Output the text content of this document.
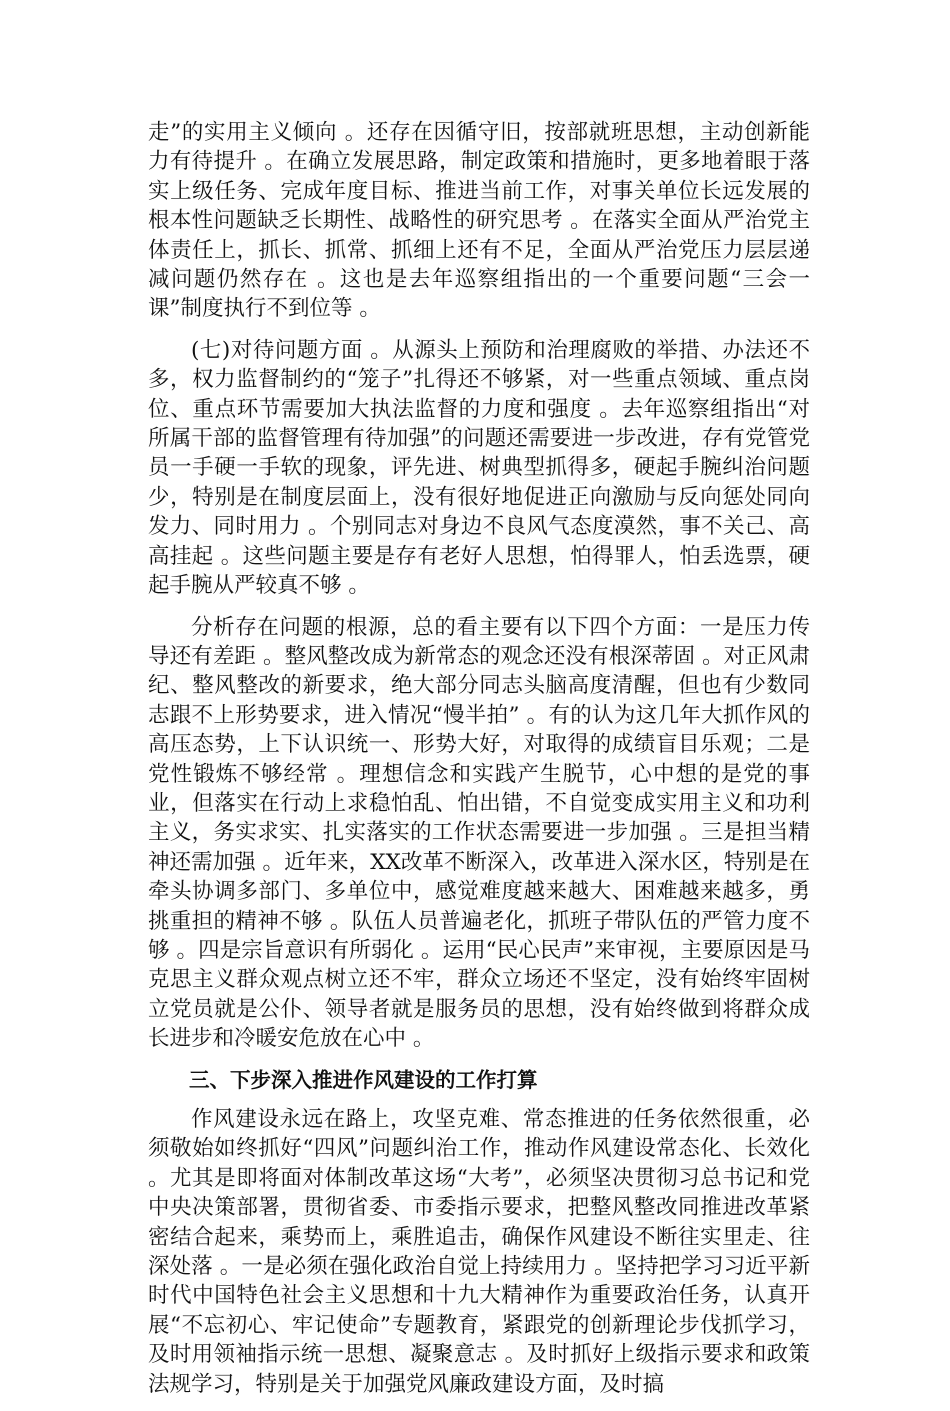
走”的实用主义倾向 。还存在因循守旧，按部就班思想，主动创新能力有待提升 。在确立发展思路，制定政策和措施时，更多地着眼于落实上级任务、完成年度目标、推进当前工作，对事关单位长远发展的根本性问题缺乏长期性、战略性的研究思考 。在落实全面从严治党主体责任上，抓长、抓常、抓细上还有不足，全面从严治党压力层层递减问题仍然存在 。这也是去年巡察组指出的一个重要问题“三会一课”制度执行不到位等 。

(七)对待问题方面 。从源头上预防和治理腐败的举措、办法还不多，权力监督制约的“笼子”扎得还不够紧，对一些重点领域、重点岗位、重点环节需要加大执法监督的力度和强度 。去年巡察组指出“对所属干部的监督管理有待加强”的问题还需要进一步改进，存有党管党员一手硬一手软的现象，评先进、树典型抓得多，硬起手腕纠治问题少，特别是在制度层面上，没有很好地促进正向激励与反向惩处同向发力、同时用力 。个别同志对身边不良风气态度漠然，事不关己、高高挂起 。这些问题主要是存有老好人思想，怕得罪人，怕丢选票，硬起手腕从严较真不够 。

分析存在问题的根源，总的看主要有以下四个方面：一是压力传导还有差距 。整风整改成为新常态的观念还没有根深蒂固 。对正风肃纪、整风整改的新要求，绝大部分同志头脑高度清醒，但也有少数同志跟不上形势要求，进入情况“慢半拍” 。有的认为这几年大抓作风的高压态势，上下认识统一、形势大好，对取得的成绩盲目乐观；二是党性锻炼不够经常 。理想信念和实践产生脱节，心中想的是党的事业，但落实在行动上求稳怕乱、怕出错，不自觉变成实用主义和功利主义，务实求实、扎实落实的工作状态需要进一步加强 。三是担当精神还需加强 。近年来，XX改革不断深入，改革进入深水区，特别是在牵头协调多部门、多单位中，感觉难度越来越大、困难越来越多，勇挑重担的精神不够 。队伍人员普遍老化，抓班子带队伍的严管力度不够 。四是宗旨意识有所弱化 。运用“民心民声”来审视，主要原因是马克思主义群众观点树立还不牢，群众立场还不坚定，没有始终牢固树立党员就是公仆、领导者就是服务员的思想，没有始终做到将群众成长进步和冷暖安危放在心中 。

三、下步深入推进作风建设的工作打算

作风建设永远在路上，攻坚克难、常态推进的任务依然很重，必须敬始如终抓好“四风”问题纠治工作，推动作风建设常态化、长效化 。尤其是即将面对体制改革这场“大考”，必须坚决贯彻习总书记和党中央决策部署，贯彻省委、市委指示要求，把整风整改同推进改革紧密结合起来，乘势而上，乘胜追击，确保作风建设不断往实里走、往深处落 。一是必须在强化政治自觉上持续用力 。坚持把学习习近平新时代中国特色社会主义思想和十九大精神作为重要政治任务，认真开展“不忘初心、牢记使命”专题教育，紧跟党的创新理论步伐抓学习，及时用领袖指示统一思想、凝聚意志 。及时抓好上级指示要求和政策法规学习，特别是关于加强党风廉政建设方面，及时搞
